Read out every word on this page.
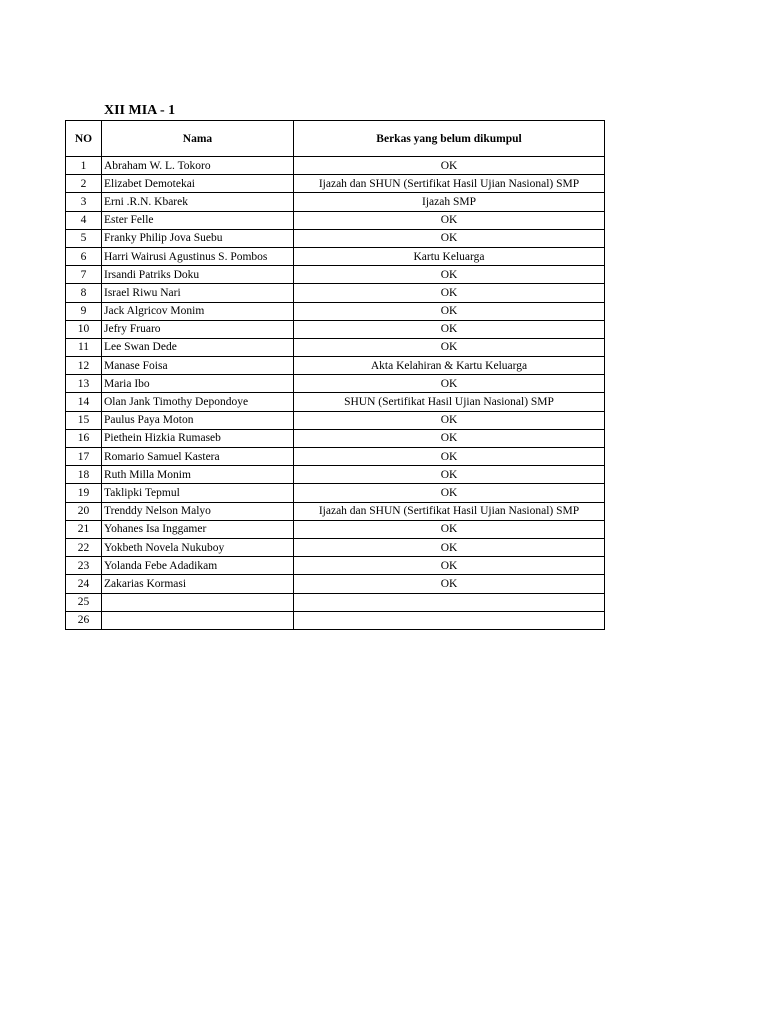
XII MIA - 1
NO	Nama	Berkas yang belum dikumpul
1	Abraham W. L. Tokoro	OK
2	Elizabet Demotekai	Ijazah dan SHUN (Sertifikat Hasil Ujian Nasional) SMP
3	Erni .R.N. Kbarek	Ijazah SMP
4	Ester Felle	OK
5	Franky Philip Jova Suebu	OK
6	Harri Wairusi Agustinus S. Pombos	Kartu Keluarga
7	Irsandi Patriks Doku	OK
8	Israel Riwu Nari	OK
9	Jack Algricov Monim	OK
10	Jefry Fruaro	OK
11	Lee Swan Dede	OK
12	Manase Foisa	Akta Kelahiran & Kartu Keluarga
13	Maria Ibo	OK
14	Olan Jank Timothy Depondoye	SHUN (Sertifikat Hasil Ujian Nasional) SMP
15	Paulus Paya Moton	OK
16	Piethein Hizkia Rumaseb	OK
17	Romario Samuel Kastera	OK
18	Ruth Milla Monim	OK
19	Taklipki Tepmul	OK
20	Trenddy Nelson Malyo	Ijazah dan SHUN (Sertifikat Hasil Ujian Nasional) SMP
21	Yohanes Isa Inggamer	OK
22	Yokbeth Novela Nukuboy	OK
23	Yolanda Febe Adadikam	OK
24	Zakarias Kormasi	OK
25		
26		
